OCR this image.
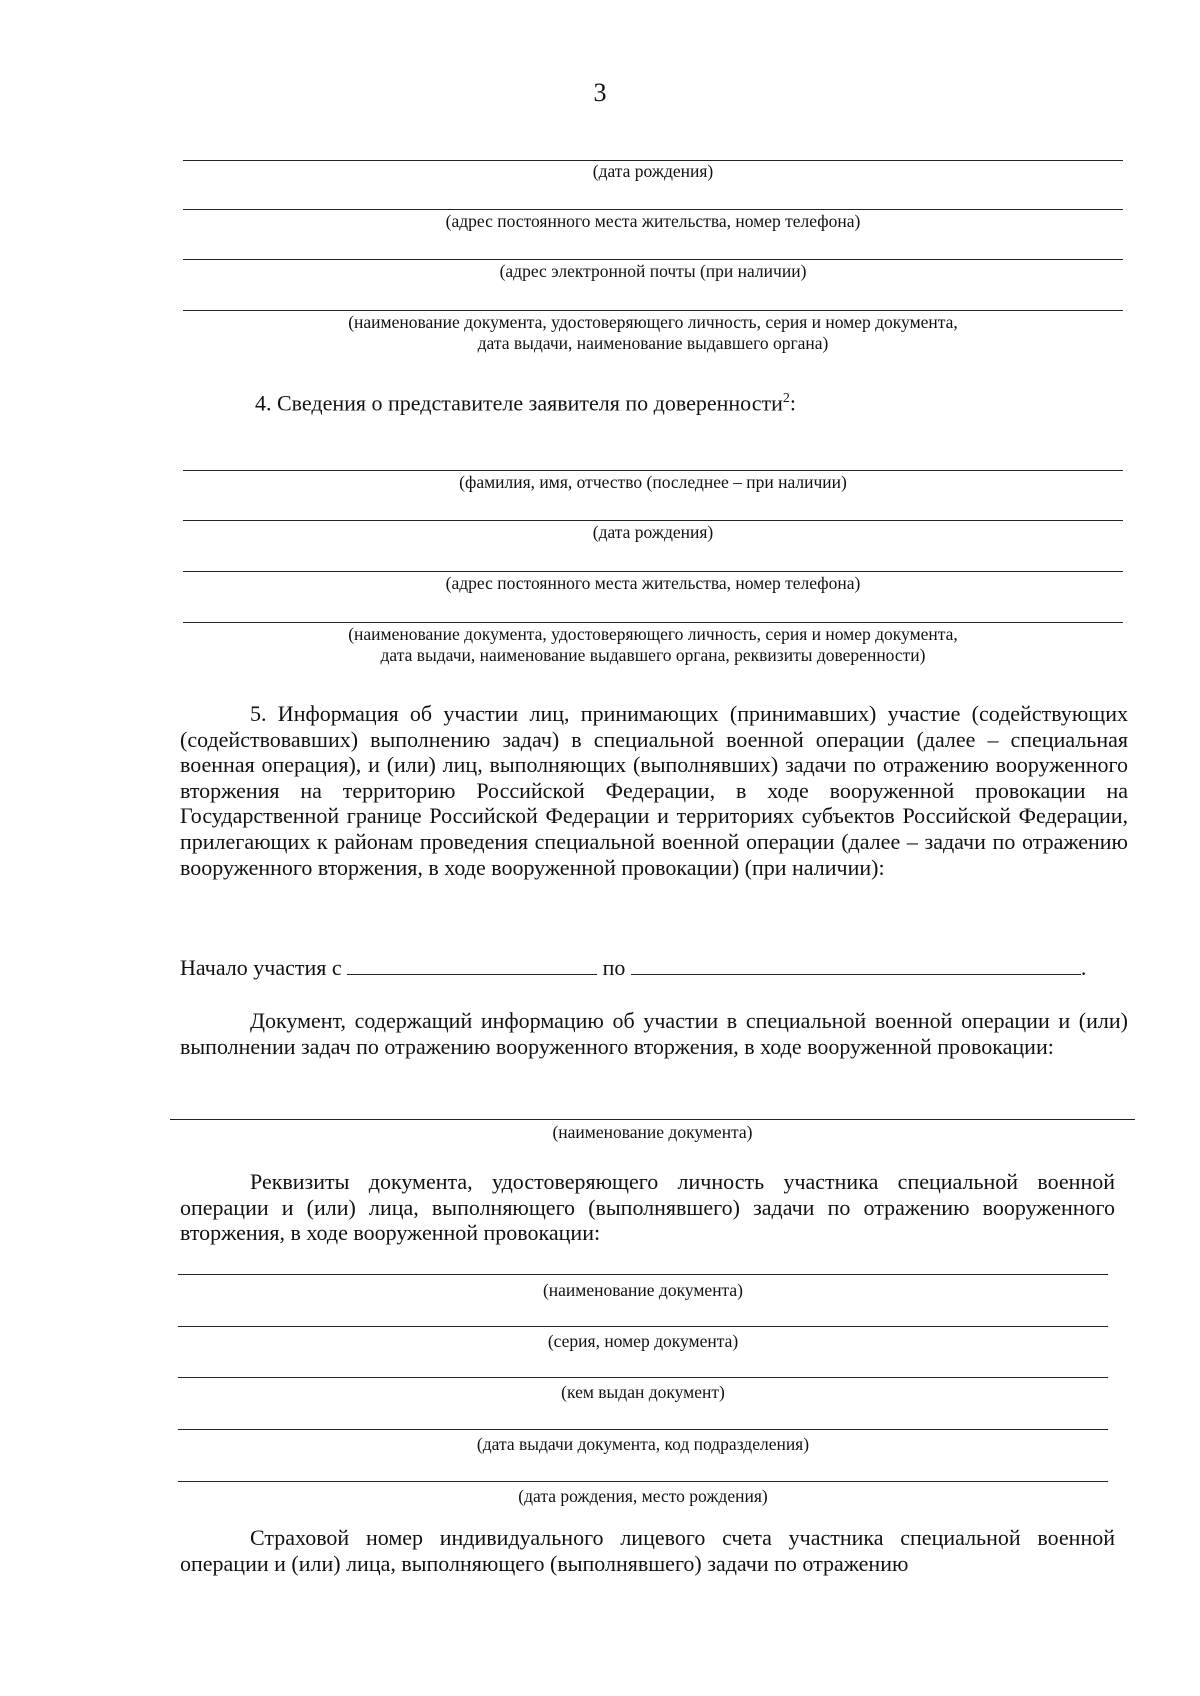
3
(дата рождения)
(адрес постоянного места жительства, номер телефона)
(адрес электронной почты (при наличии)
(наименование документа, удостоверяющего личность, серия и номер документа,
дата выдачи, наименование выдавшего органа)
4. Сведения о представителе заявителя по доверенности$^2$:
(фамилия, имя, отчество (последнее – при наличии)
(дата рождения)
(адрес постоянного места жительства, номер телефона)
(наименование документа, удостоверяющего личность, серия и номер документа,
дата выдачи, наименование выдавшего органа, реквизиты доверенности)

5. Информация об участии лиц, принимающих (принимавших) участие (содействующих (содействовавших) выполнению задач) в специальной военной операции (далее – специальная военная операция), и (или) лиц, выполняющих (выполнявших) задачи по отражению вооруженного вторжения на территорию Российской Федерации, в ходе вооруженной провокации на Государственной границе Российской Федерации и территориях субъектов Российской Федерации, прилегающих к районам проведения специальной военной операции (далее – задачи по отражению вооруженного вторжения, в ходе вооруженной провокации) (при наличии):

Начало участия с	по	.

Документ, содержащий информацию об участии в специальной военной операции и (или) выполнении задач по отражению вооруженного вторжения, в ходе вооруженной провокации:

(наименование документа)

Реквизиты документа, удостоверяющего личность участника специальной военной операции и (или) лица, выполняющего (выполнявшего) задачи по отражению вооруженного вторжения, в ходе вооруженной провокации:

(наименование документа)
(серия, номер документа)
(кем выдан документ)
(дата выдачи документа, код подразделения)
(дата рождения, место рождения)

Страховой номер индивидуального лицевого счета участника специальной военной операции и (или) лица, выполняющего (выполнявшего) задачи по отражению
